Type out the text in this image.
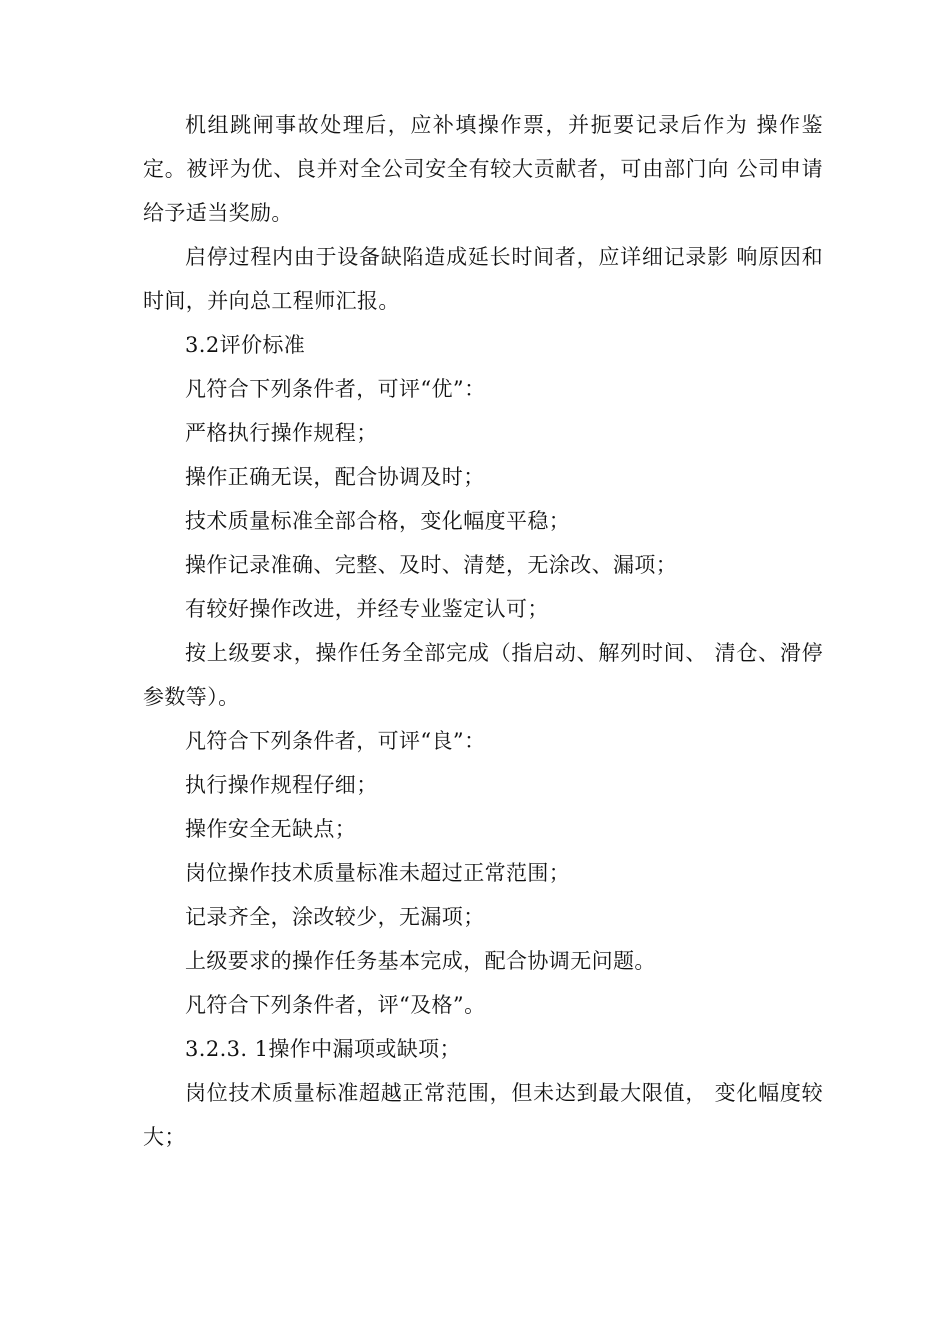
机组跳闸事故处理后，应补填操作票，并扼要记录后作为 操作鉴定。被评为优、良并对全公司安全有较大贡献者，可由部门向 公司申请给予适当奖励。

启停过程内由于设备缺陷造成延长时间者，应详细记录影 响原因和时间，并向总工程师汇报。

3.2评价标准

凡符合下列条件者，可评“优”：

严格执行操作规程；

操作正确无误，配合协调及时；

技术质量标准全部合格，变化幅度平稳；

操作记录准确、完整、及时、清楚，无涂改、漏项；

有较好操作改进，并经专业鉴定认可；

按上级要求，操作任务全部完成（指启动、解列时间、 清仓、滑停参数等）。

凡符合下列条件者，可评“良”：

执行操作规程仔细；

操作安全无缺点；

岗位操作技术质量标准未超过正常范围；

记录齐全，涂改较少，无漏项；

上级要求的操作任务基本完成，配合协调无问题。

凡符合下列条件者，评“及格”。

3.2.3. 1操作中漏项或缺项；

岗位技术质量标准超越正常范围，但未达到最大限值， 变化幅度较大；
